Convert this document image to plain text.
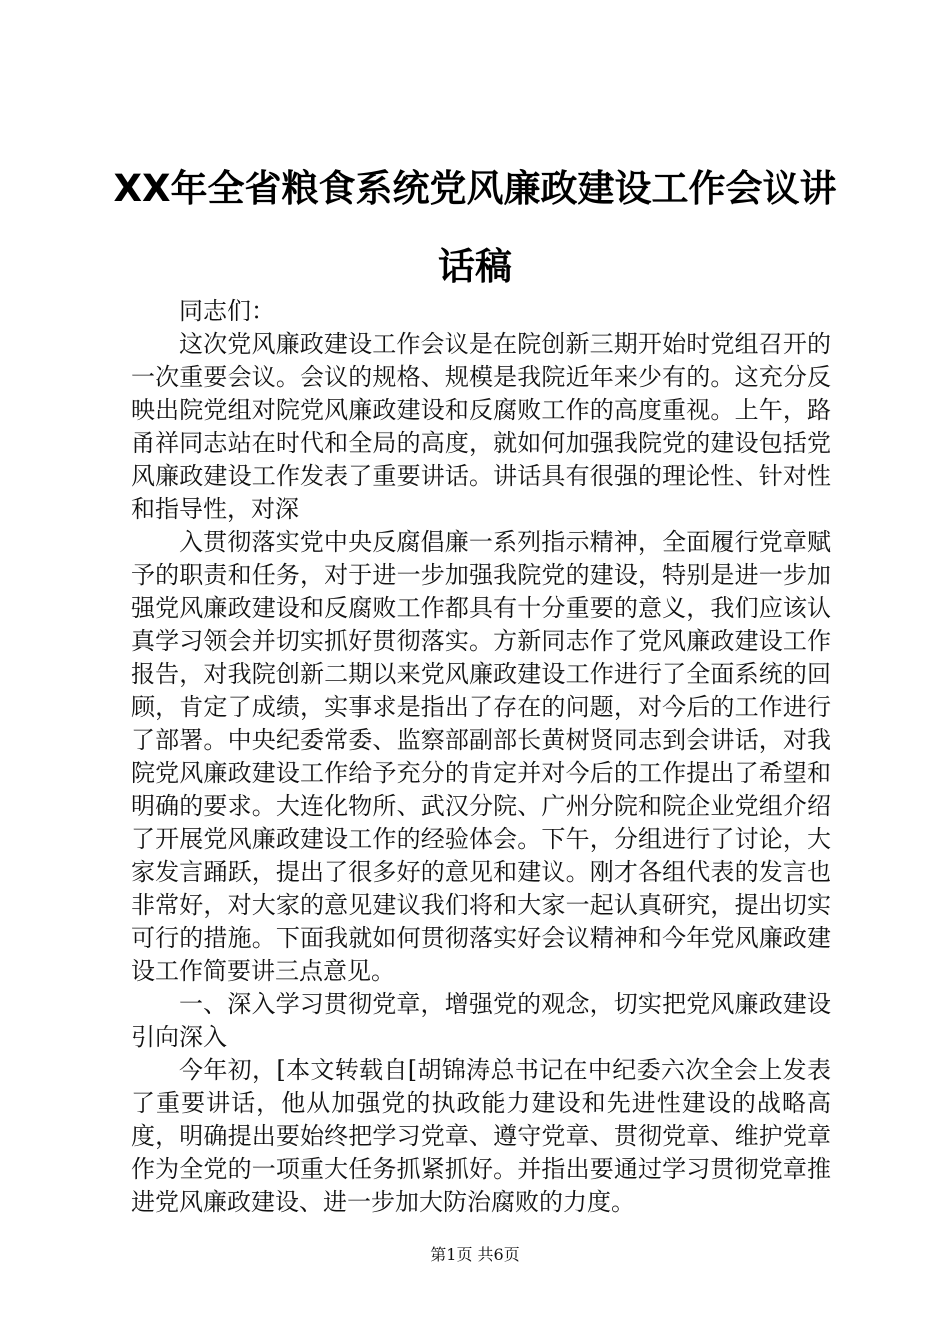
XX年全省粮食系统党风廉政建设工作会议讲话稿

同志们：

这次党风廉政建设工作会议是在院创新三期开始时党组召开的一次重要会议。会议的规格、规模是我院近年来少有的。这充分反映出院党组对院党风廉政建设和反腐败工作的高度重视。上午，路甬祥同志站在时代和全局的高度，就如何加强我院党的建设包括党风廉政建设工作发表了重要讲话。讲话具有很强的理论性、针对性和指导性，对深

入贯彻落实党中央反腐倡廉一系列指示精神，全面履行党章赋予的职责和任务，对于进一步加强我院党的建设，特别是进一步加强党风廉政建设和反腐败工作都具有十分重要的意义，我们应该认真学习领会并切实抓好贯彻落实。方新同志作了党风廉政建设工作报告，对我院创新二期以来党风廉政建设工作进行了全面系统的回顾，肯定了成绩，实事求是指出了存在的问题，对今后的工作进行了部署。中央纪委常委、监察部副部长黄树贤同志到会讲话，对我院党风廉政建设工作给予充分的肯定并对今后的工作提出了希望和明确的要求。大连化物所、武汉分院、广州分院和院企业党组介绍了开展党风廉政建设工作的经验体会。下午，分组进行了讨论，大家发言踊跃，提出了很多好的意见和建议。刚才各组代表的发言也非常好，对大家的意见建议我们将和大家一起认真研究，提出切实可行的措施。下面我就如何贯彻落实好会议精神和今年党风廉政建设工作简要讲三点意见。

一、深入学习贯彻党章，增强党的观念，切实把党风廉政建设引向深入

今年初，[本文转载自[胡锦涛总书记在中纪委六次全会上发表了重要讲话，他从加强党的执政能力建设和先进性建设的战略高度，明确提出要始终把学习党章、遵守党章、贯彻党章、维护党章作为全党的一项重大任务抓紧抓好。并指出要通过学习贯彻党章推进党风廉政建设、进一步加大防治腐败的力度。

第1页 共6页
